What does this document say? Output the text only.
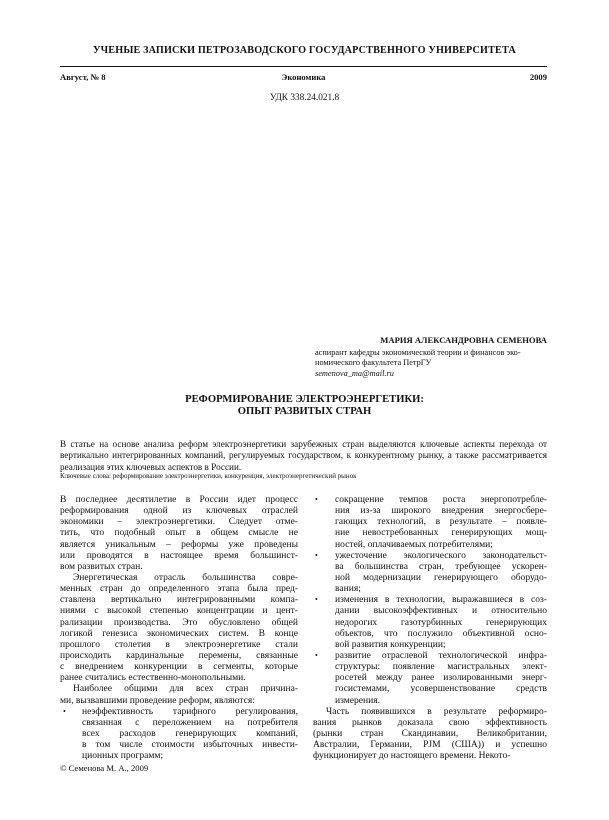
УЧЕНЫЕ ЗАПИСКИ ПЕТРОЗАВОДСКОГО ГОСУДАРСТВЕННОГО УНИВЕРСИТЕТА
Август, № 8	Экономика	2009
УДК 338.24.021.8
МАРИЯ АЛЕКСАНДРОВНА СЕМЕНОВА
аспирант кафедры экономической теории и финансов эко-
номического факультета ПетрГУ
semenova_ma@mail.ru
РЕФОРМИРОВАНИЕ ЭЛЕКТРОЭНЕРГЕТИКИ:
ОПЫТ РАЗВИТЫХ СТРАН
В статье на основе анализа реформ электроэнергетики зарубежных стран выделяются ключевые аспекты перехода от вертикально интегрированных компаний, регулируемых государством, к конкурентному рынку, а также рассматривается реализация этих ключевых аспектов в России.
Ключевые слова: реформирование электроэнергетики, конкуренция, электроэнергетический рынок
В последнее десятилетие в России идет процесс
реформирования одной из ключевых отраслей
экономики – электроэнергетики. Следует отме-
тить, что подобный опыт в общем смысле не
является уникальным – реформы уже проведены
или проводятся в настоящее время большинст-
вом развитых стран.
Энергетическая отрасль большинства совре-
менных стран до определенного этапа была пред-
ставлена вертикально интегрированными компа-
ниями с высокой степенью концентрации и цент-
рализации производства. Это обусловлено общей
логикой генезиса экономических систем. В конце
прошлого столетия в электроэнергетике стали
происходить кардинальные перемены, связанные
с внедрением конкуренции в сегменты, которые
ранее считались естественно-монопольными.
Наиболее общими для всех стран причина-
ми, вызвавшими проведение реформ, являются:
неэффективность тарифного регулирования,
•
связанная с переложением на потребителя
всех расходов генерирующих компаний,
в том числе стоимости избыточных инвести-
ционных программ;
сокращение темпов роста энергопотребле-
•
ния из-за широкого внедрения энергосбере-
гающих технологий, в результате – появле-
ние невостребованных генерирующих мощ-
ностей, оплачиваемых потребителями;
ужесточение экологического законодательст-
•
ва большинства стран, требующее ускорен-
ной модернизации генерирующего оборудо-
вания;
изменения в технологии, выражавшиеся в соз-
•
дании высокоэффективных и относительно
недорогих газотурбинных генерирующих
объектов, что послужило объективной осно-
вой развития конкуренции;
развитие отраслевой технологической инфра-
•
структуры: появление магистральных элект-
росетей между ранее изолированными энерг-
госистемами, усовершенствование средств
измерения.
Часть появившихся в результате реформиро-
вания рынков доказала свою эффективность
(рынки стран Скандинавии, Великобритании,
Австралии, Германии, PJM (США)) и успешно
функционирует до настоящего времени. Некото-
© Семенова М. А., 2009
